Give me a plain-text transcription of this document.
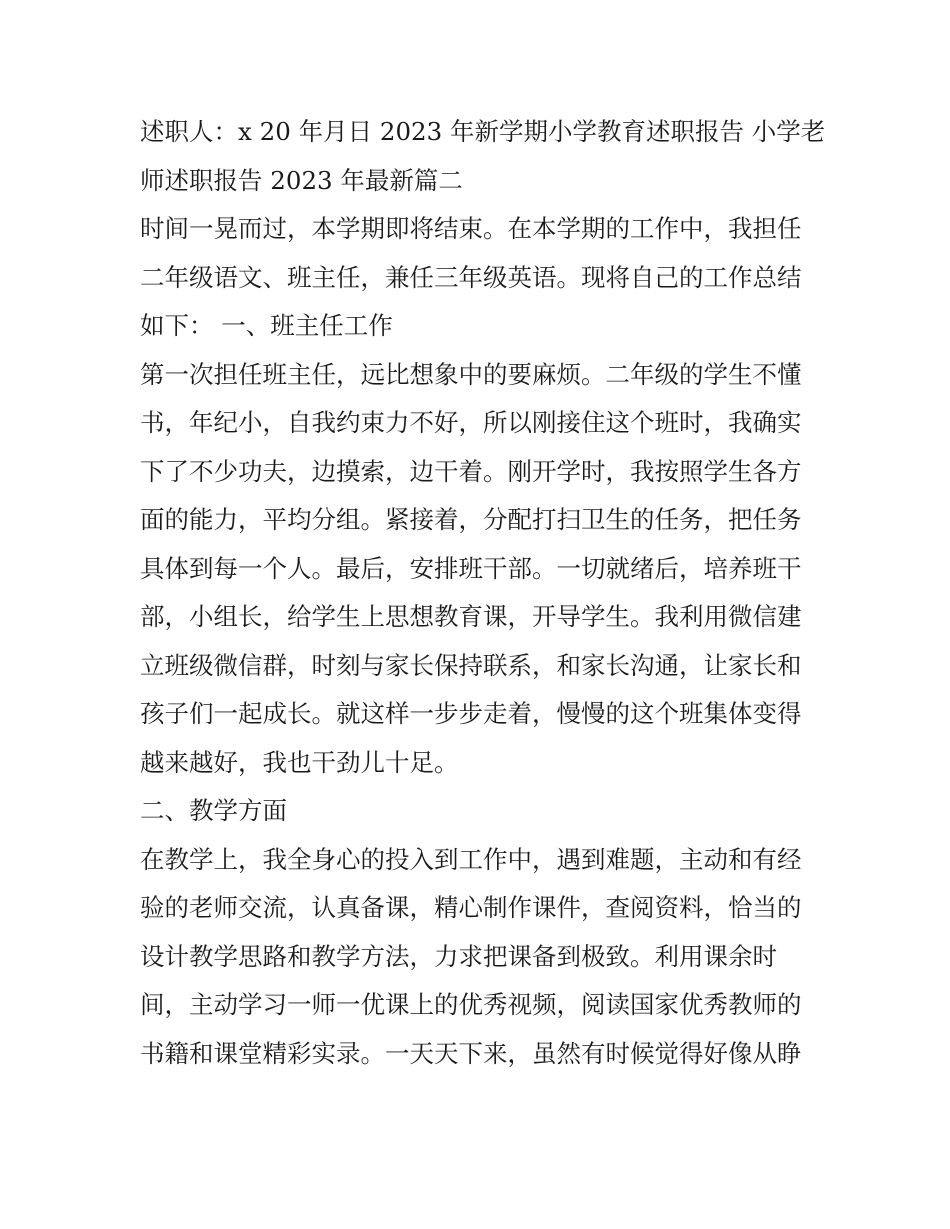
述职人：x 20 年月日 2023 年新学期小学教育述职报告 小学老
师述职报告 2023 年最新篇二
时间一晃而过，本学期即将结束。在本学期的工作中，我担任
二年级语文、班主任，兼任三年级英语。现将自己的工作总结
如下： 一、班主任工作
第一次担任班主任，远比想象中的要麻烦。二年级的学生不懂
书，年纪小，自我约束力不好，所以刚接住这个班时，我确实
下了不少功夫，边摸索，边干着。刚开学时，我按照学生各方
面的能力，平均分组。紧接着，分配打扫卫生的任务，把任务
具体到每一个人。最后，安排班干部。一切就绪后，培养班干
部，小组长，给学生上思想教育课，开导学生。我利用微信建
立班级微信群，时刻与家长保持联系，和家长沟通，让家长和
孩子们一起成长。就这样一步步走着，慢慢的这个班集体变得
越来越好，我也干劲儿十足。
二、教学方面
在教学上，我全身心的投入到工作中，遇到难题，主动和有经
验的老师交流，认真备课，精心制作课件，查阅资料，恰当的
设计教学思路和教学方法，力求把课备到极致。利用课余时
间，主动学习一师一优课上的优秀视频，阅读国家优秀教师的
书籍和课堂精彩实录。一天天下来，虽然有时候觉得好像从睁
